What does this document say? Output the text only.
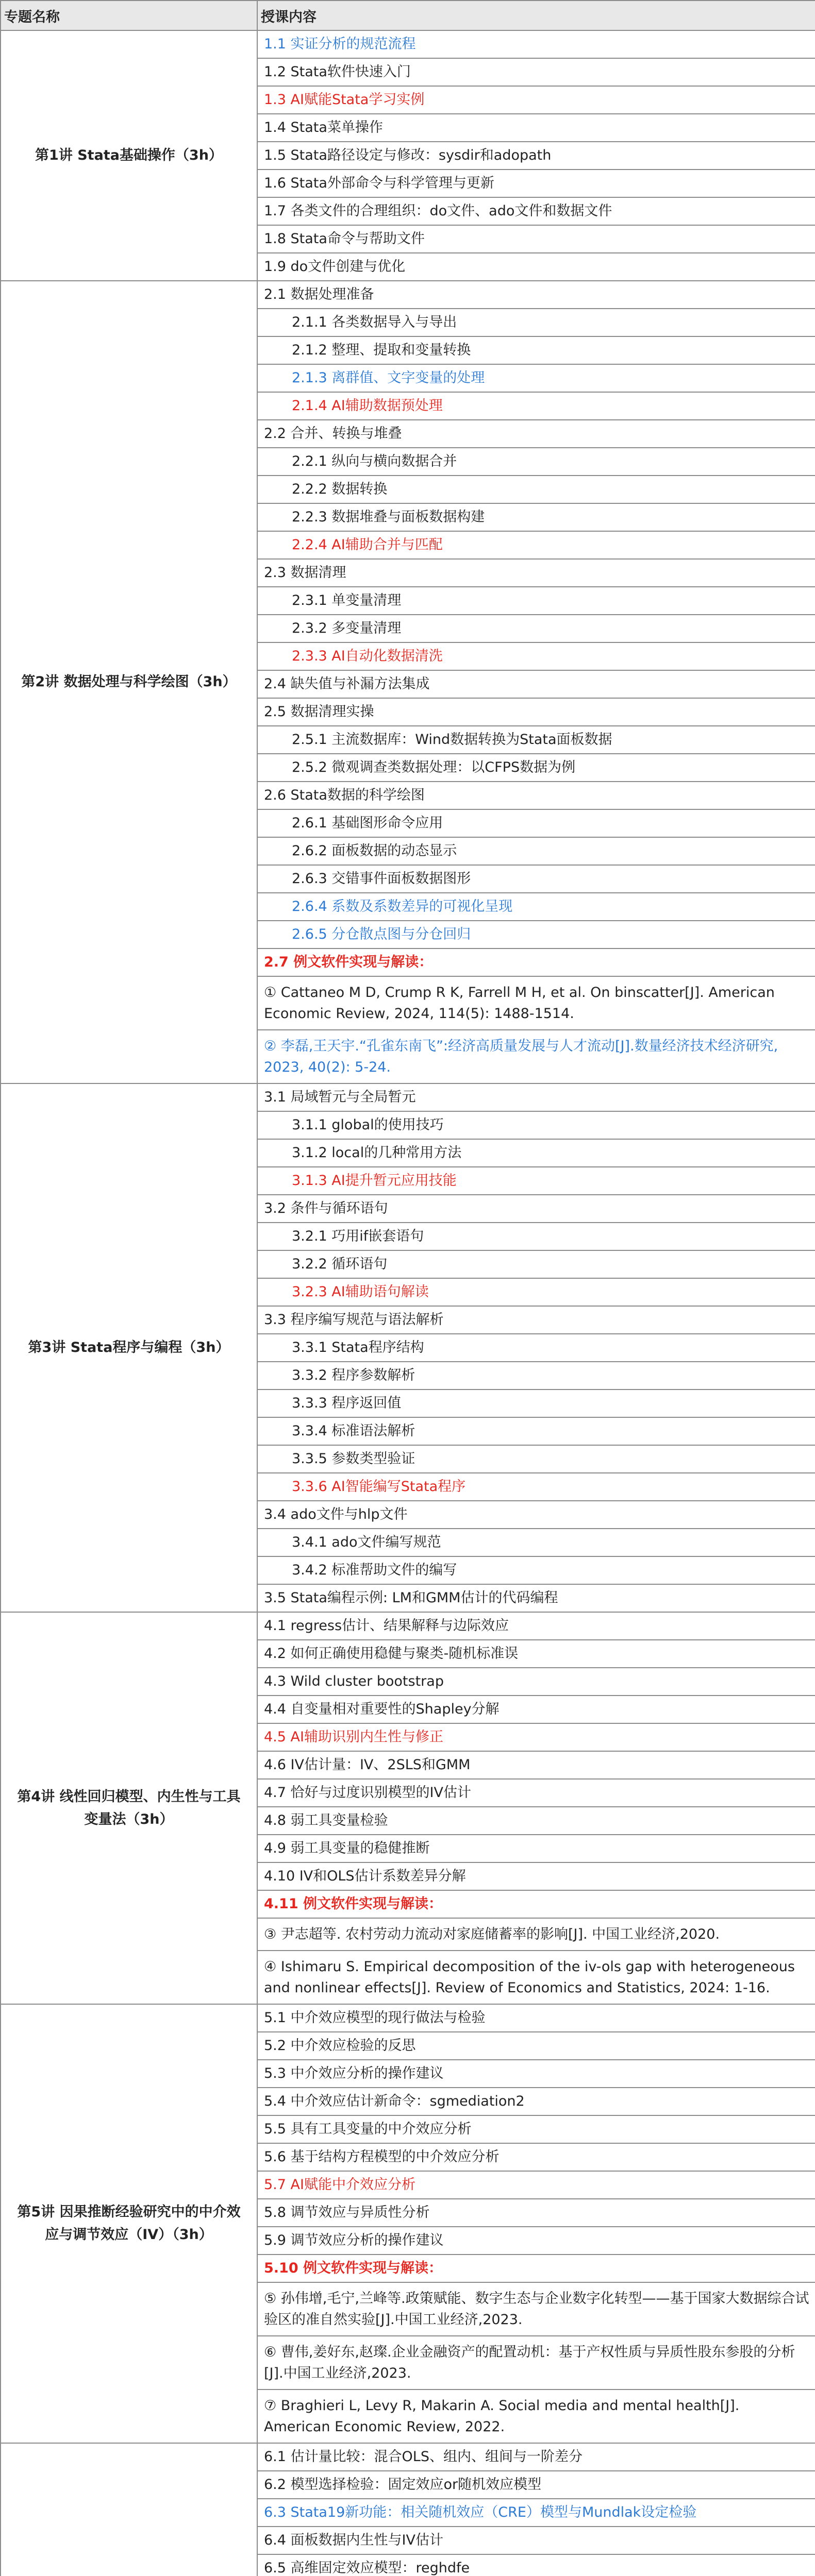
专题名称	授课内容
第1讲 Stata基础操作（3h）	1.1 实证分析的规范流程
	1.2 Stata软件快速入门
	1.3 AI赋能Stata学习实例
	1.4 Stata菜单操作
	1.5 Stata路径设定与修改：sysdir和adopath
	1.6 Stata外部命令与科学管理与更新
	1.7 各类文件的合理组织：do文件、ado文件和数据文件
	1.8 Stata命令与帮助文件
	1.9 do文件创建与优化
第2讲 数据处理与科学绘图（3h）	2.1 数据处理准备
	2.1.1 各类数据导入与导出
	2.1.2 整理、提取和变量转换
	2.1.3 离群值、文字变量的处理
	2.1.4 AI辅助数据预处理
	2.2 合并、转换与堆叠
	2.2.1 纵向与横向数据合并
	2.2.2 数据转换
	2.2.3 数据堆叠与面板数据构建
	2.2.4 AI辅助合并与匹配
	2.3 数据清理
	2.3.1 单变量清理
	2.3.2 多变量清理
	2.3.3 AI自动化数据清洗
	2.4 缺失值与补漏方法集成
	2.5 数据清理实操
	2.5.1 主流数据库：Wind数据转换为Stata面板数据
	2.5.2 微观调查类数据处理：以CFPS数据为例
	2.6 Stata数据的科学绘图
	2.6.1 基础图形命令应用
	2.6.2 面板数据的动态显示
	2.6.3 交错事件面板数据图形
	2.6.4 系数及系数差异的可视化呈现
	2.6.5 分仓散点图与分仓回归
	2.7 例文软件实现与解读：
	① Cattaneo M D, Crump R K, Farrell M H, et al. On binscatter[J]. American Economic Review, 2024, 114(5): 1488-1514.
	② 李磊,王天宇.“孔雀东南飞”:经济高质量发展与人才流动[J].数量经济技术经济研究, 2023, 40(2): 5-24.
第3讲 Stata程序与编程（3h）	3.1 局域暂元与全局暂元
	3.1.1 global的使用技巧
	3.1.2 local的几种常用方法
	3.1.3 AI提升暂元应用技能
	3.2 条件与循环语句
	3.2.1 巧用if嵌套语句
	3.2.2 循环语句
	3.2.3 AI辅助语句解读
	3.3 程序编写规范与语法解析
	3.3.1 Stata程序结构
	3.3.2 程序参数解析
	3.3.3 程序返回值
	3.3.4 标准语法解析
	3.3.5 参数类型验证
	3.3.6 AI智能编写Stata程序
	3.4 ado文件与hlp文件
	3.4.1 ado文件编写规范
	3.4.2 标准帮助文件的编写
	3.5 Stata编程示例: LM和GMM估计的代码编程
第4讲 线性回归模型、内生性与工具变量法（3h）	4.1 regress估计、结果解释与边际效应
	4.2 如何正确使用稳健与聚类-随机标准误
	4.3 Wild cluster bootstrap
	4.4 自变量相对重要性的Shapley分解
	4.5 AI辅助识别内生性与修正
	4.6 IV估计量：IV、2SLS和GMM
	4.7 恰好与过度识别模型的IV估计
	4.8 弱工具变量检验
	4.9 弱工具变量的稳健推断
	4.10 IV和OLS估计系数差异分解
	4.11 例文软件实现与解读：
	③ 尹志超等. 农村劳动力流动对家庭储蓄率的影响[J]. 中国工业经济,2020.
	④ Ishimaru S. Empirical decomposition of the iv-ols gap with heterogeneous and nonlinear effects[J]. Review of Economics and Statistics, 2024: 1-16.
第5讲 因果推断经验研究中的中介效应与调节效应（IV）（3h）	5.1 中介效应模型的现行做法与检验
	5.2 中介效应检验的反思
	5.3 中介效应分析的操作建议
	5.4 中介效应估计新命令：sgmediation2
	5.5 具有工具变量的中介效应分析
	5.6 基于结构方程模型的中介效应分析
	5.7 AI赋能中介效应分析
	5.8 调节效应与异质性分析
	5.9 调节效应分析的操作建议
	5.10 例文软件实现与解读：
	⑤ 孙伟增,毛宁,兰峰等.政策赋能、数字生态与企业数字化转型——基于国家大数据综合试验区的准自然实验[J].中国工业经济,2023.
	⑥ 曹伟,姜好东,赵璨.企业金融资产的配置动机：基于产权性质与异质性股东参股的分析[J].中国工业经济,2023.
	⑦ Braghieri L, Levy R, Makarin A. Social media and mental health[J]. American Economic Review, 2022.
	6.1 估计量比较：混合OLS、组内、组间与一阶差分
	6.2 模型选择检验：固定效应or随机效应模型
	6.3 Stata19新功能：相关随机效应（CRE）模型与Mundlak设定检验
	6.4 面板数据内生性与IV估计
	6.5 高维固定效应模型：reghdfe
